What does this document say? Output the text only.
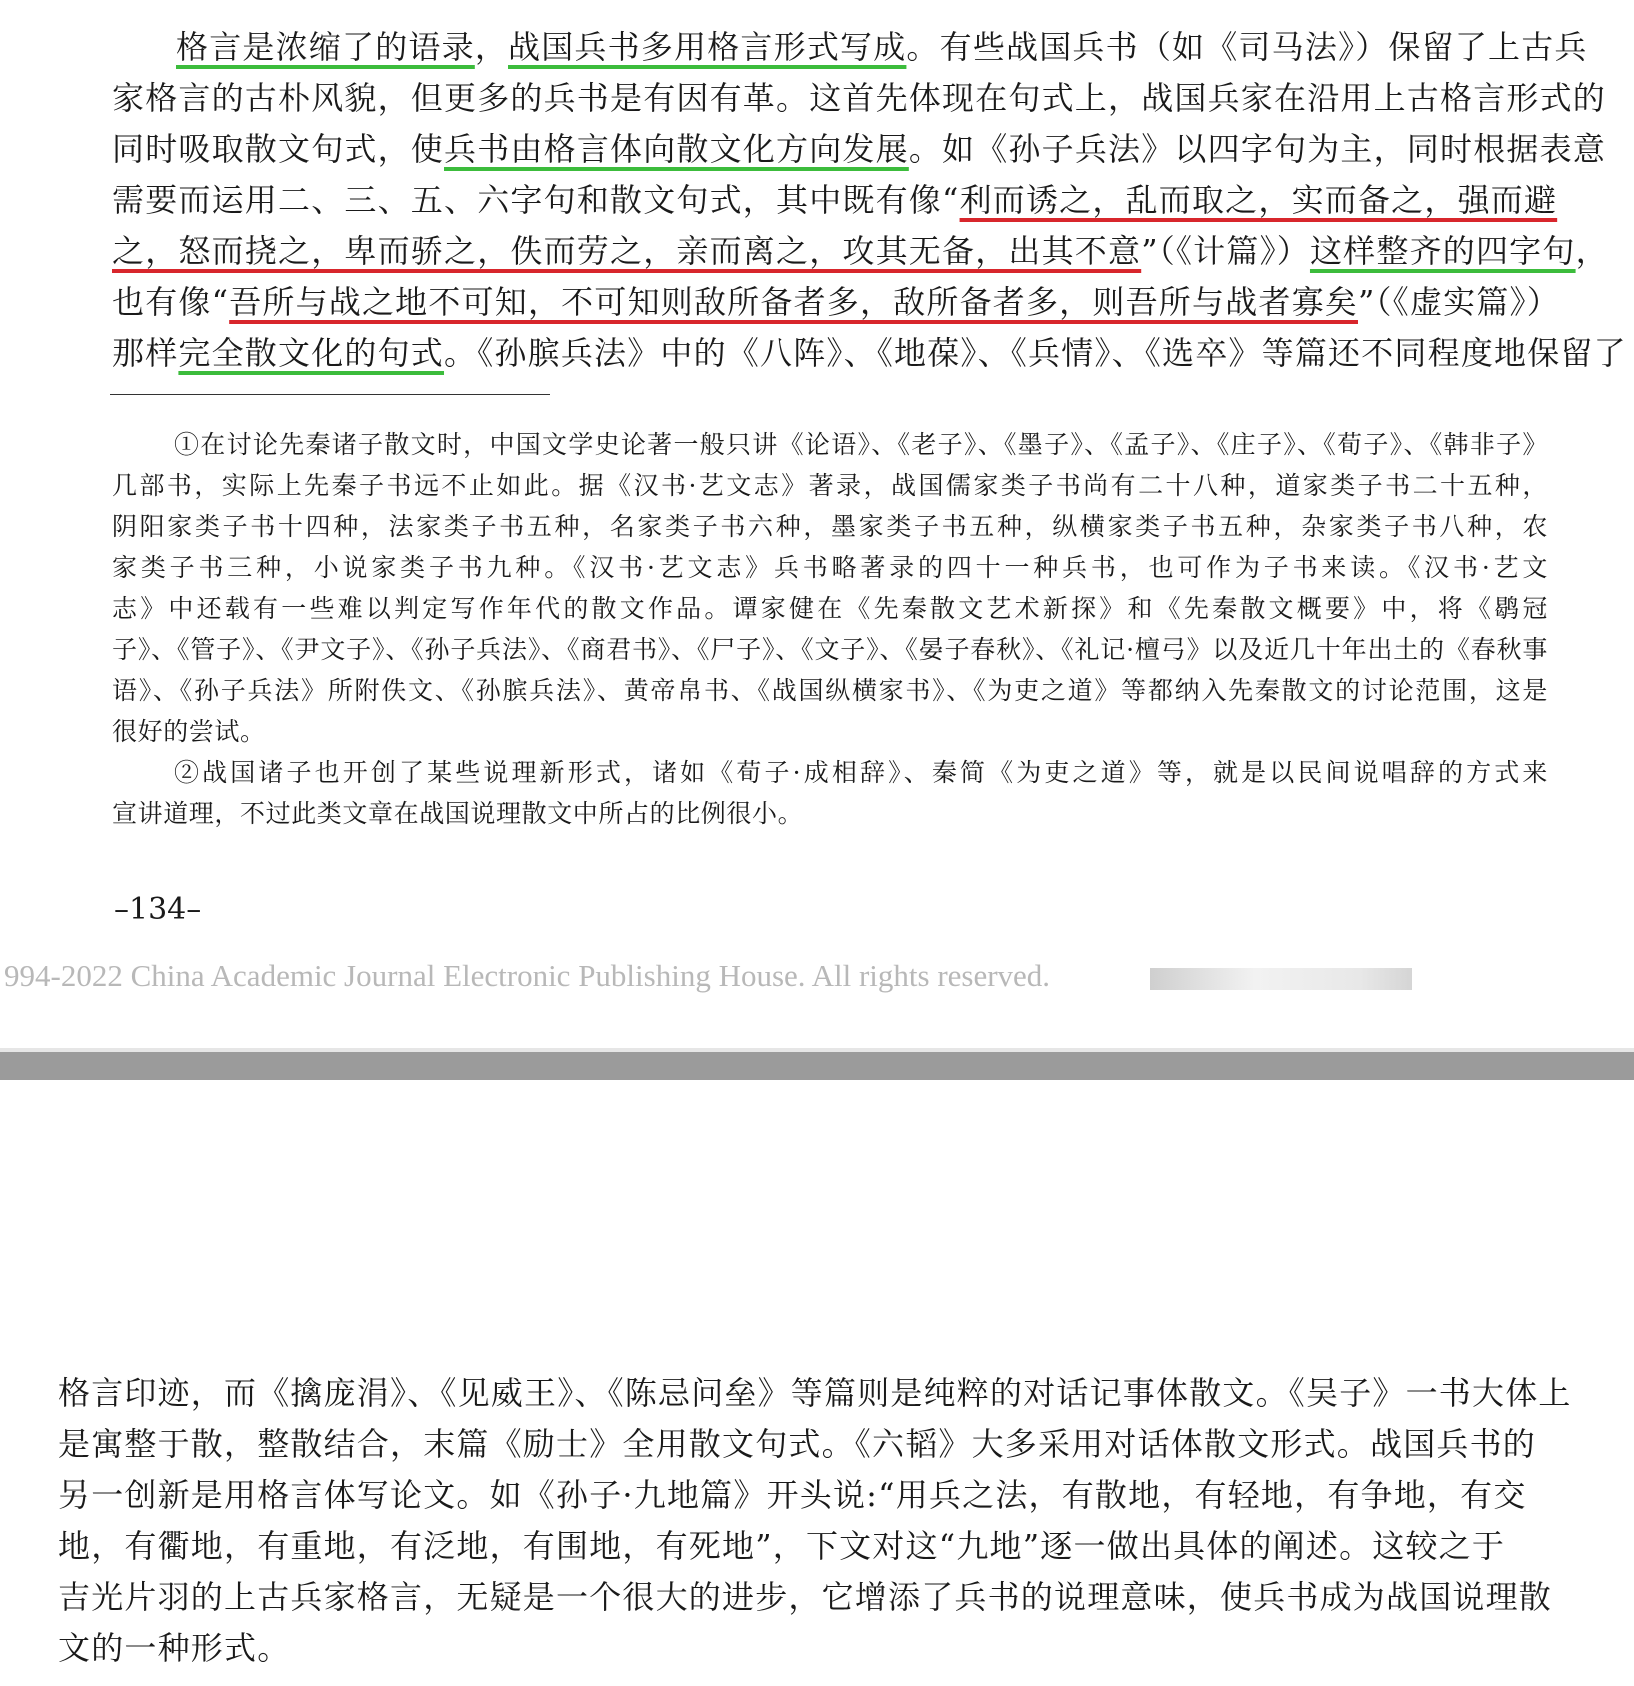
格言是浓缩了的语录，战国兵书多用格言形式写成。有些战国兵书（如《司马法》）保留了上古兵
家格言的古朴风貌，但更多的兵书是有因有革。这首先体现在句式上，战国兵家在沿用上古格言形式的
同时吸取散文句式，使兵书由格言体向散文化方向发展。如《孙子兵法》以四字句为主，同时根据表意
需要而运用二、三、五、六字句和散文句式，其中既有像“利而诱之，乱而取之，实而备之，强而避
之，怒而挠之，卑而骄之，佚而劳之，亲而离之，攻其无备，出其不意”（《计篇》）这样整齐的四字句，
也有像“吾所与战之地不可知，不可知则敌所备者多，敌所备者多，则吾所与战者寡矣”（《虚实篇》）
那样完全散文化的句式。《孙膑兵法》中的《八阵》、《地葆》、《兵情》、《选卒》等篇还不同程度地保留了
①在讨论先秦诸子散文时，中国文学史论著一般只讲《论语》、《老子》、《墨子》、《孟子》、《庄子》、《荀子》、《韩非子》
几部书，实际上先秦子书远不止如此。据《汉书·艺文志》著录，战国儒家类子书尚有二十八种，道家类子书二十五种，
阴阳家类子书十四种，法家类子书五种，名家类子书六种，墨家类子书五种，纵横家类子书五种，杂家类子书八种，农
家类子书三种，小说家类子书九种。《汉书·艺文志》兵书略著录的四十一种兵书，也可作为子书来读。《汉书·艺文
志》中还载有一些难以判定写作年代的散文作品。谭家健在《先秦散文艺术新探》和《先秦散文概要》中，将《鹖冠
子》、《管子》、《尹文子》、《孙子兵法》、《商君书》、《尸子》、《文子》、《晏子春秋》、《礼记·檀弓》以及近几十年出土的《春秋事
语》、《孙子兵法》所附佚文、《孙膑兵法》、黄帝帛书、《战国纵横家书》、《为吏之道》等都纳入先秦散文的讨论范围，这是
很好的尝试。
②战国诸子也开创了某些说理新形式，诸如《荀子·成相辞》、秦简《为吏之道》等，就是以民间说唱辞的方式来
宣讲道理，不过此类文章在战国说理散文中所占的比例很小。
–134–
994-2022 China Academic Journal Electronic Publishing House. All rights reserved.
格言印迹，而《擒庞涓》、《见威王》、《陈忌问垒》等篇则是纯粹的对话记事体散文。《吴子》一书大体上
是寓整于散，整散结合，末篇《励士》全用散文句式。《六韬》大多采用对话体散文形式。战国兵书的
另一创新是用格言体写论文。如《孙子·九地篇》开头说:“用兵之法，有散地，有轻地，有争地，有交
地，有衢地，有重地，有泛地，有围地，有死地”，下文对这“九地”逐一做出具体的阐述。这较之于
吉光片羽的上古兵家格言，无疑是一个很大的进步，它增添了兵书的说理意味，使兵书成为战国说理散
文的一种形式。
